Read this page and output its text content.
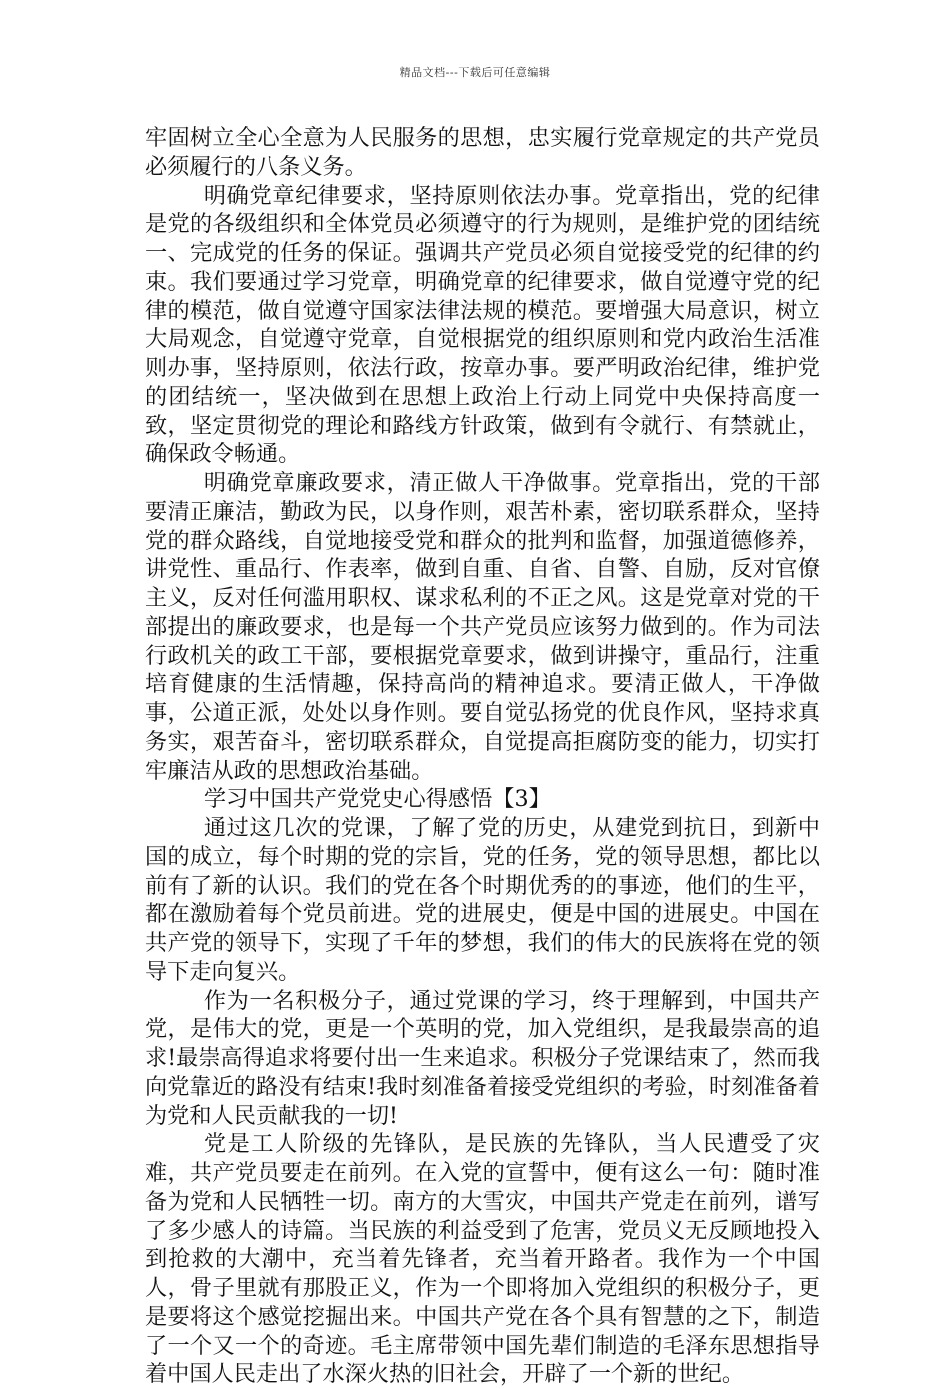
精品文档---下载后可任意编辑

牢固树立全心全意为人民服务的思想，忠实履行党章规定的共产党员必须履行的八条义务。

明确党章纪律要求，坚持原则依法办事。党章指出，党的纪律是党的各级组织和全体党员必须遵守的行为规则，是维护党的团结统一、完成党的任务的保证。强调共产党员必须自觉接受党的纪律的约束。我们要通过学习党章，明确党章的纪律要求，做自觉遵守党的纪律的模范，做自觉遵守国家法律法规的模范。要增强大局意识，树立大局观念，自觉遵守党章，自觉根据党的组织原则和党内政治生活准则办事，坚持原则，依法行政，按章办事。要严明政治纪律，维护党的团结统一，坚决做到在思想上政治上行动上同党中央保持高度一致，坚定贯彻党的理论和路线方针政策，做到有令就行、有禁就止，确保政令畅通。

明确党章廉政要求，清正做人干净做事。党章指出，党的干部要清正廉洁，勤政为民，以身作则，艰苦朴素，密切联系群众，坚持党的群众路线，自觉地接受党和群众的批判和监督，加强道德修养，讲党性、重品行、作表率，做到自重、自省、自警、自励，反对官僚主义，反对任何滥用职权、谋求私利的不正之风。这是党章对党的干部提出的廉政要求，也是每一个共产党员应该努力做到的。作为司法行政机关的政工干部，要根据党章要求，做到讲操守，重品行，注重培育健康的生活情趣，保持高尚的精神追求。要清正做人，干净做事，公道正派，处处以身作则。要自觉弘扬党的优良作风，坚持求真务实，艰苦奋斗，密切联系群众，自觉提高拒腐防变的能力，切实打牢廉洁从政的思想政治基础。

学习中国共产党党史心得感悟【3】

通过这几次的党课，了解了党的历史，从建党到抗日，到新中国的成立，每个时期的党的宗旨，党的任务，党的领导思想，都比以前有了新的认识。我们的党在各个时期优秀的的事迹，他们的生平，都在激励着每个党员前进。党的进展史，便是中国的进展史。中国在共产党的领导下，实现了千年的梦想，我们的伟大的民族将在党的领导下走向复兴。

作为一名积极分子，通过党课的学习，终于理解到，中国共产党，是伟大的党，更是一个英明的党，加入党组织，是我最崇高的追求!最崇高得追求将要付出一生来追求。积极分子党课结束了，然而我向党靠近的路没有结束!我时刻准备着接受党组织的考验，时刻准备着为党和人民贡献我的一切!

党是工人阶级的先锋队，是民族的先锋队，当人民遭受了灾难，共产党员要走在前列。在入党的宣誓中，便有这么一句：随时准备为党和人民牺牲一切。南方的大雪灾，中国共产党走在前列，谱写了多少感人的诗篇。当民族的利益受到了危害，党员义无反顾地投入到抢救的大潮中，充当着先锋者，充当着开路者。我作为一个中国人，骨子里就有那股正义，作为一个即将加入党组织的积极分子，更是要将这个感觉挖掘出来。中国共产党在各个具有智慧的之下，制造了一个又一个的奇迹。毛主席带领中国先辈们制造的毛泽东思想指导着中国人民走出了水深火热的旧社会，开辟了一个新的世纪。
